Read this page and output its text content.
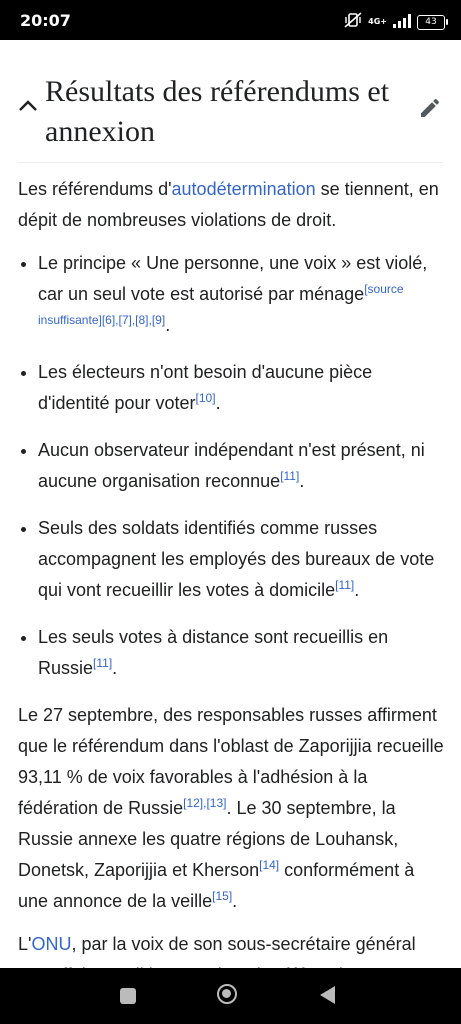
20:07	4G+	43
Résultats des référendums et annexion

Les référendums d'autodétermination se tiennent, en dépit de nombreuses violations de droit.

• Le principe « Une personne, une voix » est violé, car un seul vote est autorisé par ménage[source insuffisante][6],[7],[8],[9].
• Les électeurs n'ont besoin d'aucune pièce d'identité pour voter[10].
• Aucun observateur indépendant n'est présent, ni aucune organisation reconnue[11].
• Seuls des soldats identifiés comme russes accompagnent les employés des bureaux de vote qui vont recueillir les votes à domicile[11].
• Les seuls votes à distance sont recueillis en Russie[11].

Le 27 septembre, des responsables russes affirment que le référendum dans l'oblast de Zaporijjia recueille 93,11 % de voix favorables à l'adhésion à la fédération de Russie[12],[13]. Le 30 septembre, la Russie annexe les quatre régions de Louhansk, Donetsk, Zaporijjia et Kherson[14] conformément à une annonce de la veille[15].

L'ONU, par la voix de son sous-secrétaire général
